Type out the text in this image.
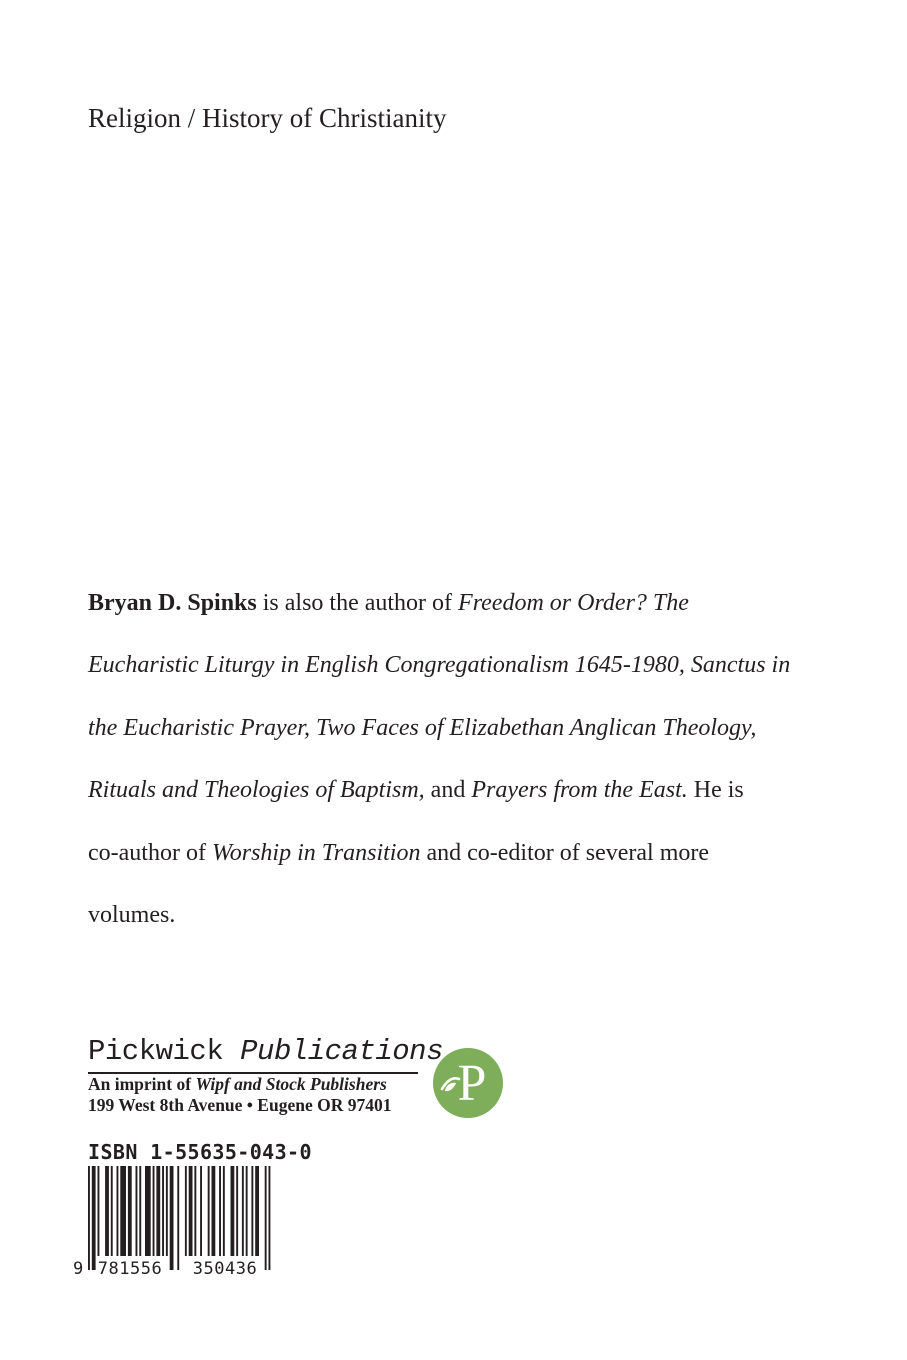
Religion / History of Christianity
Bryan D. Spinks is also the author of Freedom or Order? The
Eucharistic Liturgy in English Congregationalism 1645-1980, Sanctus in
the Eucharistic Prayer, Two Faces of Elizabethan Anglican Theology,
Rituals and Theologies of Baptism, and Prayers from the East. He is
co-author of Worship in Transition and co-editor of several more
volumes.
Pickwick Publications
An imprint of Wipf and Stock Publishers
199 West 8th Avenue • Eugene OR 97401	P
ISBN 1-55635-043-0
9 781556 350436
